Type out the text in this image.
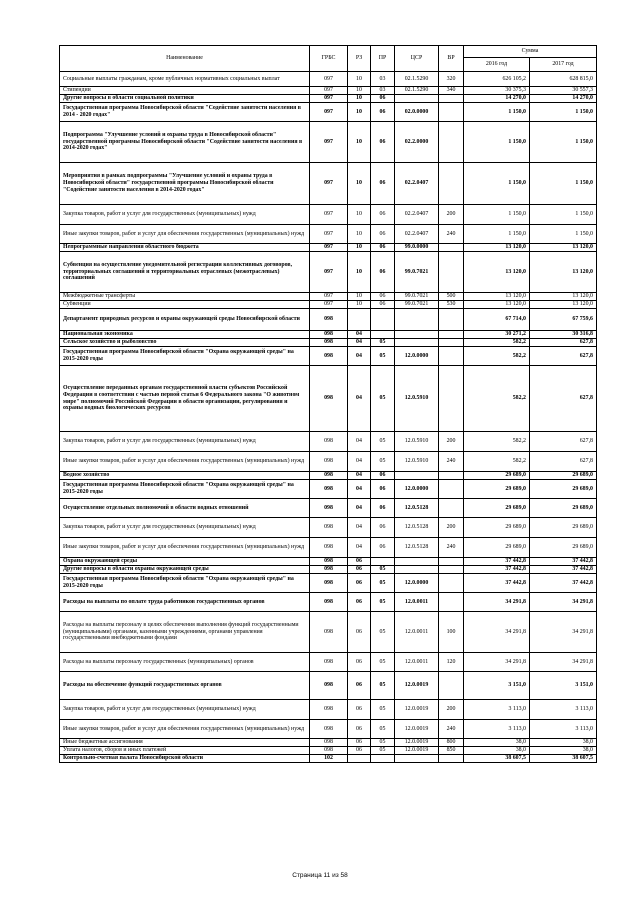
Наименование	ГРБС	РЗ	ПР	ЦСР	ВР	Сумма	
						2016 год	2017 год
Социальные выплаты гражданам, кроме публичных нормативных социальных выплат	097	10	03	02.1.5290	320	626 105,2	628 815,0
Стипендии	097	10	03	02.1.5290	340	30 375,3	30 557,3
Другие вопросы в области социальной политики	097	10	06			14 270,0	14 270,0
Государственная программа Новосибирской области "Содействие занятости населения в 2014 - 2020 годах"	097	10	06	02.0.0000		1 150,0	1 150,0
Подпрограмма "Улучшение условий и охраны труда в Новосибирской области" государственной программы Новосибирской области "Содействие занятости населения в 2014-2020 годах"	097	10	06	02.2.0000		1 150,0	1 150,0
Мероприятия в рамках подпрограммы "Улучшение условий и охраны труда в Новосибирской области" государственной программы Новосибирской области "Содействие занятости населения в 2014-2020 годах"	097	10	06	02.2.0407		1 150,0	1 150,0
Закупка товаров, работ и услуг для государственных (муниципальных) нужд	097	10	06	02.2.0407	200	1 150,0	1 150,0
Иные закупки товаров, работ и услуг для обеспечения государственных (муниципальных) нужд	097	10	06	02.2.0407	240	1 150,0	1 150,0
Непрограммные направления областного бюджета	097	10	06	99.0.0000		13 120,0	13 120,0
Субвенция на осуществление уведомительной регистрации коллективных договоров, территориальных соглашений и территориальных отраслевых (межотраслевых) соглашений	097	10	06	99.0.7021		13 120,0	13 120,0
Межбюджетные трансферты	097	10	06	99.0.7021	500	13 120,0	13 120,0
Субвенции	097	10	06	99.0.7021	530	13 120,0	13 120,0
Департамент природных ресурсов и охраны окружающей среды Новосибирской области	098					67 714,0	67 759,6
Национальная экономика	098	04				30 271,2	30 316,8
Сельское хозяйство и рыболовство	098	04	05			582,2	627,8
Государственная программа Новосибирской области "Охрана окружающей среды" на 2015-2020 годы	098	04	05	12.0.0000		582,2	627,8
Осуществление переданных органам государственной власти субъектов Российской Федерации в соответствии с частью первой статьи 6 Федерального закона "О животном мире" полномочий Российской Федерации в области организации, регулирования и охраны водных биологических ресурсов	098	04	05	12.0.5910		582,2	627,8
Закупка товаров, работ и услуг для государственных (муниципальных) нужд	098	04	05	12.0.5910	200	582,2	627,8
Иные закупки товаров, работ и услуг для обеспечения государственных (муниципальных) нужд	098	04	05	12.0.5910	240	582,2	627,8
Водное хозяйство	098	04	06			29 689,0	29 689,0
Государственная программа Новосибирской области "Охрана окружающей среды" на 2015-2020 годы	098	04	06	12.0.0000		29 689,0	29 689,0
Осуществление отдельных полномочий в области водных отношений	098	04	06	12.0.5128		29 689,0	29 689,0
Закупка товаров, работ и услуг для государственных (муниципальных) нужд	098	04	06	12.0.5128	200	29 689,0	29 689,0
Иные закупки товаров, работ и услуг для обеспечения государственных (муниципальных) нужд	098	04	06	12.0.5128	240	29 689,0	29 689,0
Охрана окружающей среды	098	06				37 442,8	37 442,8
Другие вопросы в области охраны окружающей среды	098	06	05			37 442,8	37 442,8
Государственная программа Новосибирской области "Охрана окружающей среды" на 2015-2020 годы	098	06	05	12.0.0000		37 442,8	37 442,8
Расходы на выплаты по оплате труда работников государственных органов	098	06	05	12.0.0011		34 291,8	34 291,8
Расходы на выплаты персоналу в целях обеспечения выполнения функций государственными (муниципальными) органами, казенными учреждениями, органами управления государственными внебюджетными фондами	098	06	05	12.0.0011	100	34 291,8	34 291,8
Расходы на выплаты персоналу государственных (муниципальных) органов	098	06	05	12.0.0011	120	34 291,8	34 291,8
Расходы на обеспечение функций государственных органов	098	06	05	12.0.0019		3 151,0	3 151,0
Закупка товаров, работ и услуг для государственных (муниципальных) нужд	098	06	05	12.0.0019	200	3 113,0	3 113,0
Иные закупки товаров, работ и услуг для обеспечения государственных (муниципальных) нужд	098	06	05	12.0.0019	240	3 113,0	3 113,0
Иные бюджетные ассигнования	098	06	05	12.0.0019	800	38,0	38,0
Уплата налогов, сборов и иных платежей	098	06	05	12.0.0019	850	38,0	38,0
Контрольно-счетная палата Новосибирской области	102					38 607,5	38 607,5
Страница 11 из 58
